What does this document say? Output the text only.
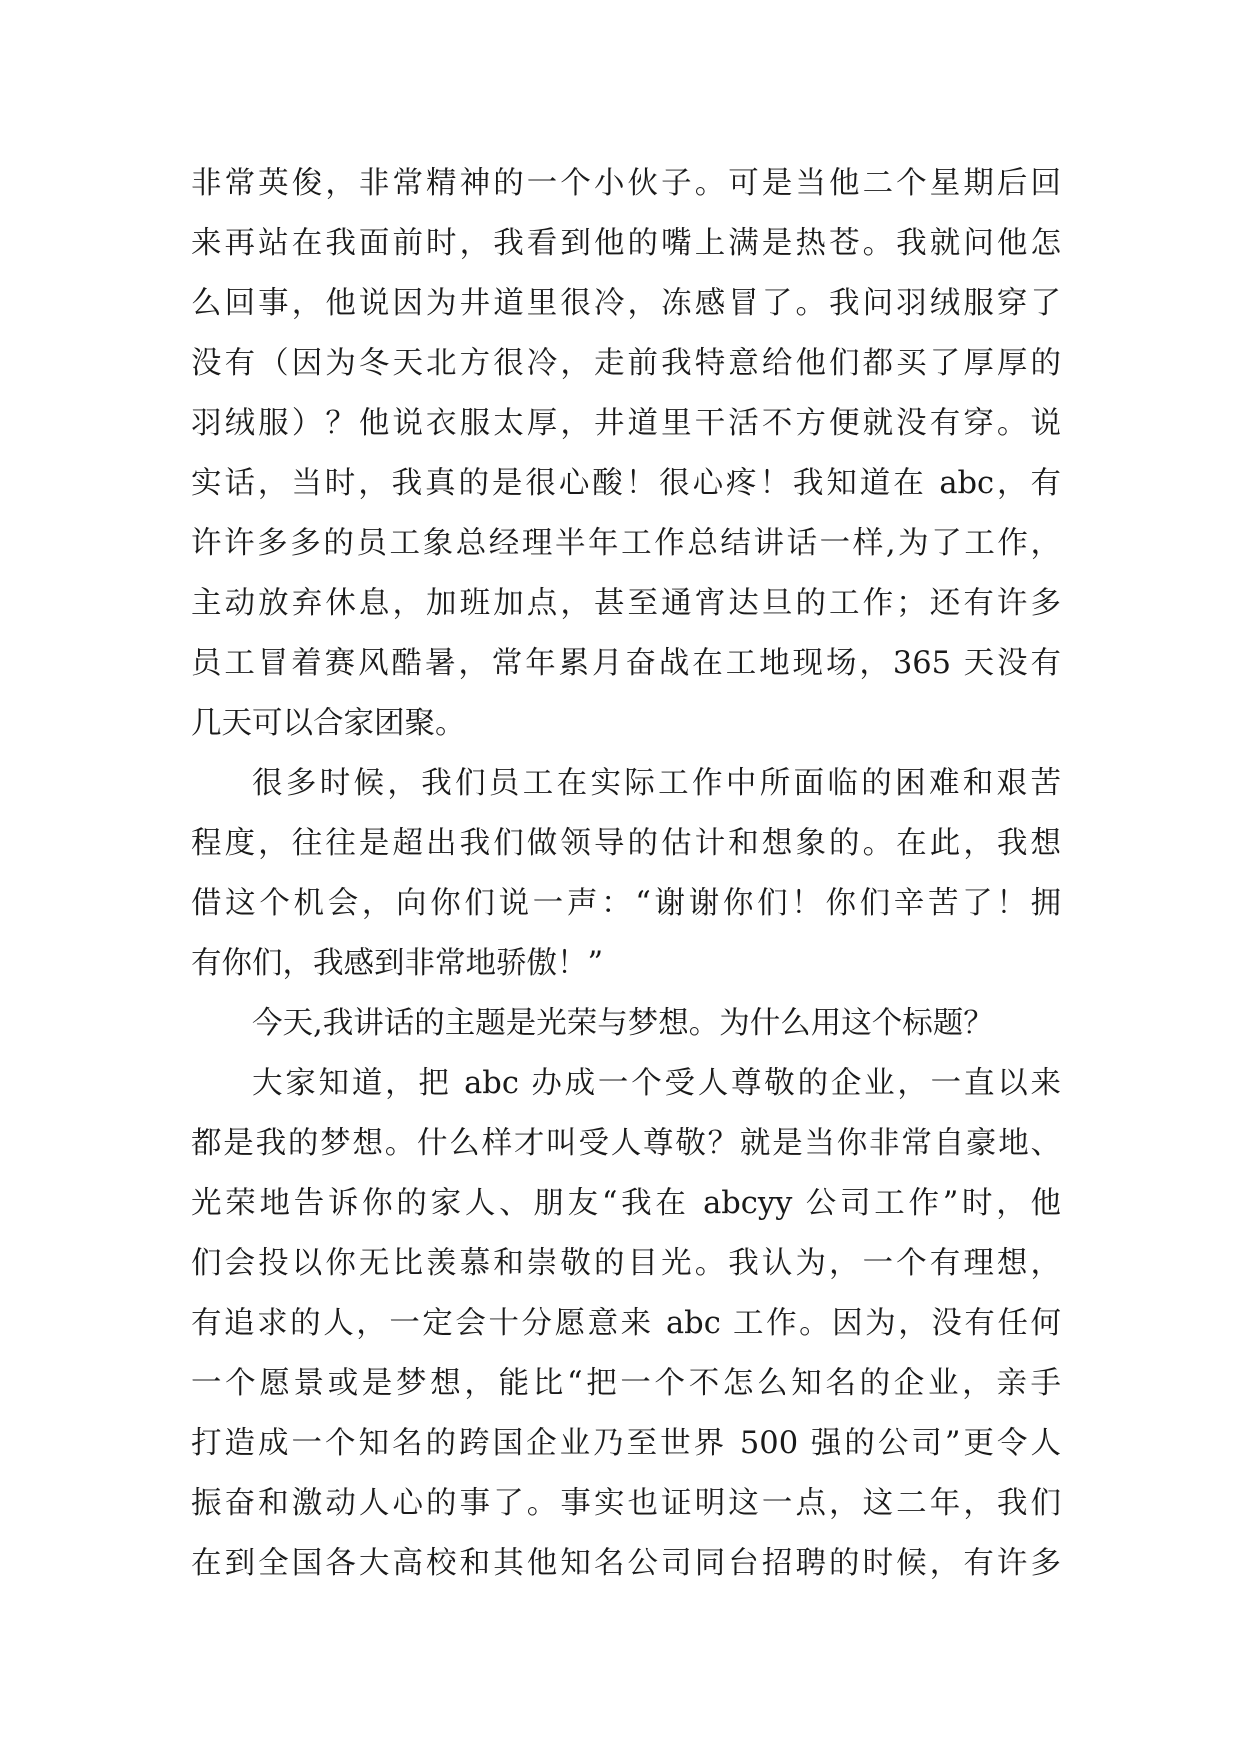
非常英俊，非常精神的一个小伙子。可是当他二个星期后回
来再站在我面前时，我看到他的嘴上满是热苍。我就问他怎
么回事，他说因为井道里很冷，冻感冒了。我问羽绒服穿了
没有（因为冬天北方很冷，走前我特意给他们都买了厚厚的
羽绒服）？他说衣服太厚，井道里干活不方便就没有穿。说
实话，当时，我真的是很心酸！很心疼！我知道在 abc，有
许许多多的员工象总经理半年工作总结讲话一样,为了工作，
主动放弃休息，加班加点，甚至通宵达旦的工作；还有许多
员工冒着赛风酷暑，常年累月奋战在工地现场，365 天没有
几天可以合家团聚。
很多时候，我们员工在实际工作中所面临的困难和艰苦
程度，往往是超出我们做领导的估计和想象的。在此，我想
借这个机会，向你们说一声：“谢谢你们！你们辛苦了！拥
有你们，我感到非常地骄傲！”
今天,我讲话的主题是光荣与梦想。为什么用这个标题？
大家知道，把 abc 办成一个受人尊敬的企业，一直以来
都是我的梦想。什么样才叫受人尊敬？就是当你非常自豪地、
光荣地告诉你的家人、朋友“我在 abcyy 公司工作”时，他
们会投以你无比羡慕和崇敬的目光。我认为，一个有理想，
有追求的人，一定会十分愿意来 abc 工作。因为，没有任何
一个愿景或是梦想，能比“把一个不怎么知名的企业，亲手
打造成一个知名的跨国企业乃至世界 500 强的公司”更令人
振奋和激动人心的事了。事实也证明这一点，这二年，我们
在到全国各大高校和其他知名公司同台招聘的时候，有许多
